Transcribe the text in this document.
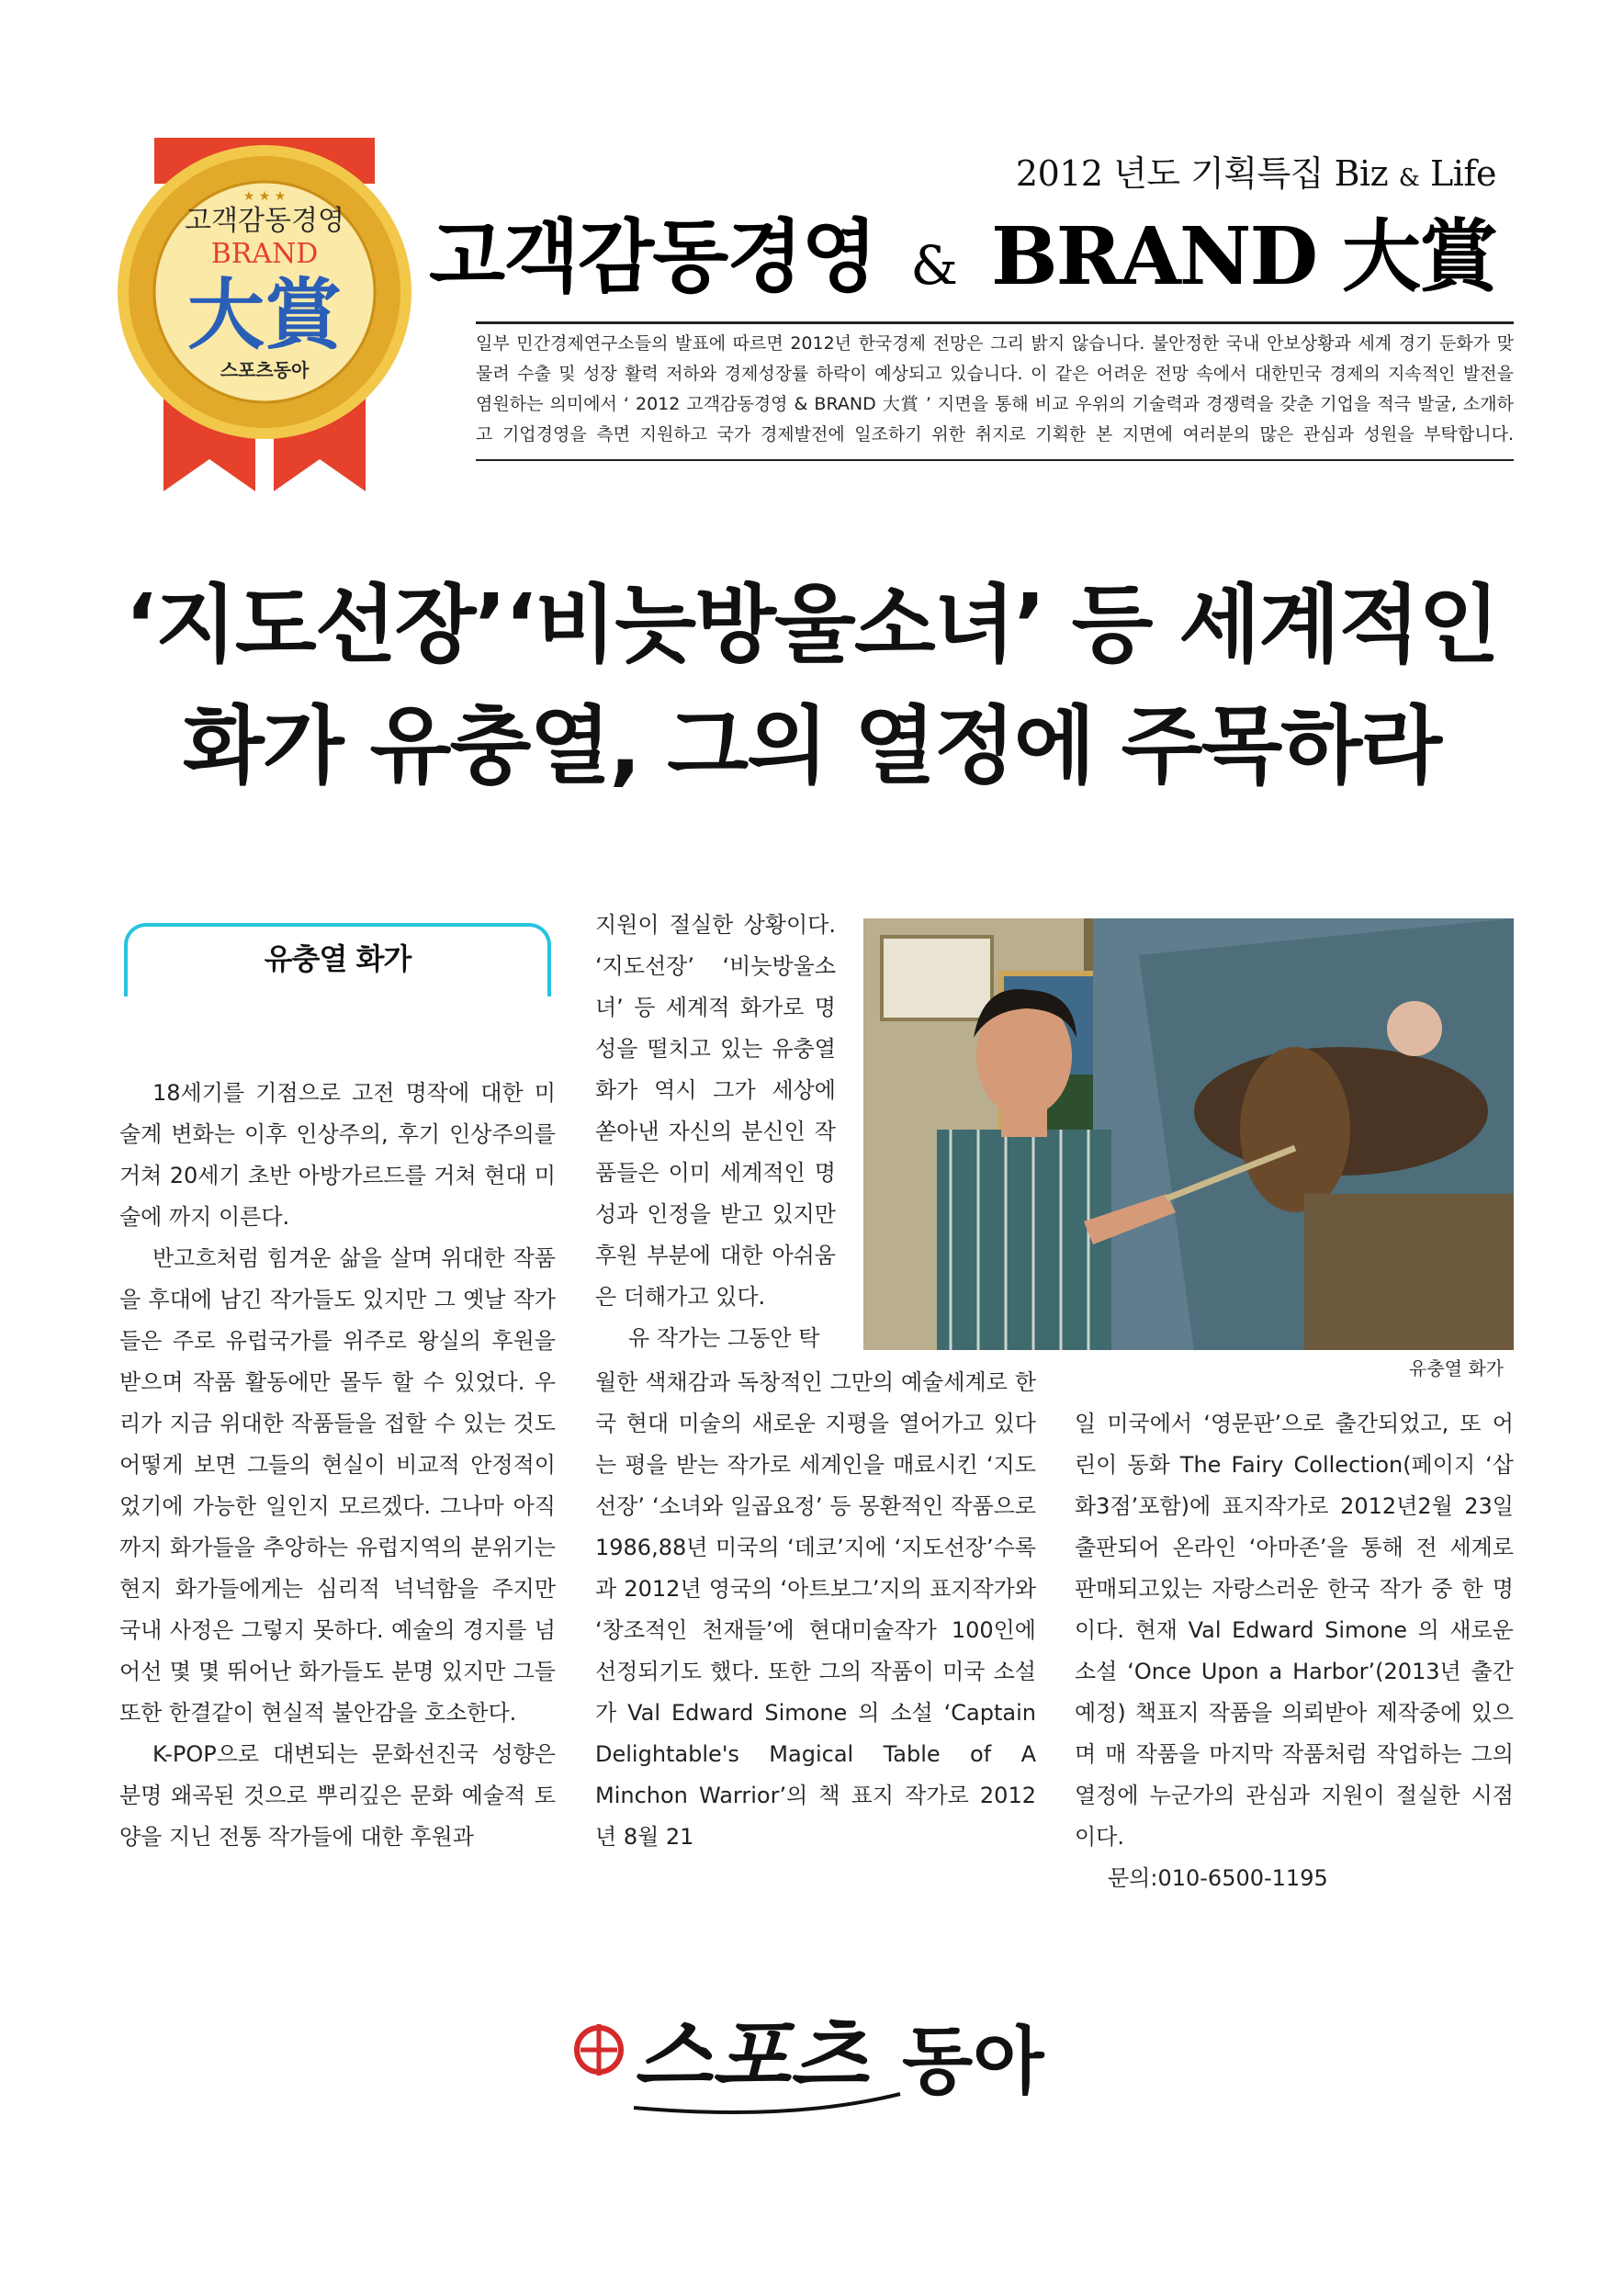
★ ★ ★
고객감동경영
BRAND
大賞
스포츠동아
2012 년도 기획특집 Biz & Life
고객감동경영 & BRAND 大賞
일부 민간경제연구소들의 발표에 따르면 2012년 한국경제 전망은 그리 밝지 않습니다. 불안정한 국내 안보상황과 세계 경기 둔화가 맞
물려 수출 및 성장 활력 저하와 경제성장률 하락이 예상되고 있습니다. 이 같은 어려운 전망 속에서 대한민국 경제의 지속적인 발전을
염원하는 의미에서 ‘ 2012 고객감동경영 & BRAND 大賞 ’ 지면을 통해 비교 우위의 기술력과 경쟁력을 갖춘 기업을 적극 발굴, 소개하
고 기업경영을 측면 지원하고 국가 경제발전에 일조하기 위한 취지로 기획한 본 지면에 여러분의 많은 관심과 성원을 부탁합니다.
‘지도선장’‘비늣방울소녀’ 등 세계적인
화가 유충열, 그의 열정에 주목하라
유충열 화가

18세기를 기점으로 고전 명작에 대한 미술계 변화는 이후 인상주의, 후기 인상주의를 거쳐 20세기 초반 아방가르드를 거쳐 현대 미술에 까지 이른다.

반고흐처럼 힘겨운 삶을 살며 위대한 작품을 후대에 남긴 작가들도 있지만 그 옛날 작가들은 주로 유럽국가를 위주로 왕실의 후원을 받으며 작품 활동에만 몰두 할 수 있었다. 우리가 지금 위대한 작품들을 접할 수 있는 것도 어떻게 보면 그들의 현실이 비교적 안정적이었기에 가능한 일인지 모르겠다. 그나마 아직까지 화가들을 추앙하는 유럽지역의 분위기는 현지 화가들에게는 심리적 넉넉함을 주지만 국내 사정은 그렇지 못하다. 예술의 경지를 넘어선 몇 몇 뛰어난 화가들도 분명 있지만 그들 또한 한결같이 현실적 불안감을 호소한다.

K-POP으로 대변되는 문화선진국 성향은 분명 왜곡된 것으로 뿌리깊은 문화 예술적 토양을 지닌 전통 작가들에 대한 후원과

지원이 절실한 상황이다. ‘지도선장’ ‘비늣방울소녀’ 등 세계적 화가로 명성을 떨치고 있는 유충열 화가 역시 그가 세상에 쏟아낸 자신의 분신인 작품들은 이미 세계적인 명성과 인정을 받고 있지만 후원 부분에 대한 아쉬움은 더해가고 있다.

유 작가는 그동안 탁

유충열 화가

월한 색채감과 독창적인 그만의 예술세계로 한국 현대 미술의 새로운 지평을 열어가고 있다는 평을 받는 작가로 세계인을 매료시킨 ‘지도선장’ ‘소녀와 일곱요정’ 등 몽환적인 작품으로 1986,88년 미국의 ‘데코’지에 ‘지도선장’수록과 2012년 영국의 ‘아트보그’지의 표지작가와 ‘창조적인 천재들’에 현대미술작가 100인에 선정되기도 했다. 또한 그의 작품이 미국 소설가 Val Edward Simone 의 소설 ‘Captain Delightable's Magical Table of A Minchon Warrior’의 책 표지 작가로 2012년 8월 21

일 미국에서 ‘영문판’으로 출간되었고, 또 어린이 동화 The Fairy Collection(페이지 ‘삽화3점’포함)에 표지작가로 2012년2월 23일 출판되어 온라인 ‘아마존’을 통해 전 세계로 판매되고있는 자랑스러운 한국 작가 중 한 명이다. 현재 Val Edward Simone 의 새로운 소설 ‘Once Upon a Harbor’(2013년 출간예정) 책표지 작품을 의뢰받아 제작중에 있으며 매 작품을 마지막 작품처럼 작업하는 그의 열정에 누군가의 관심과 지원이 절실한 시점이다.

문의:010-6500-1195

스포츠 동아
